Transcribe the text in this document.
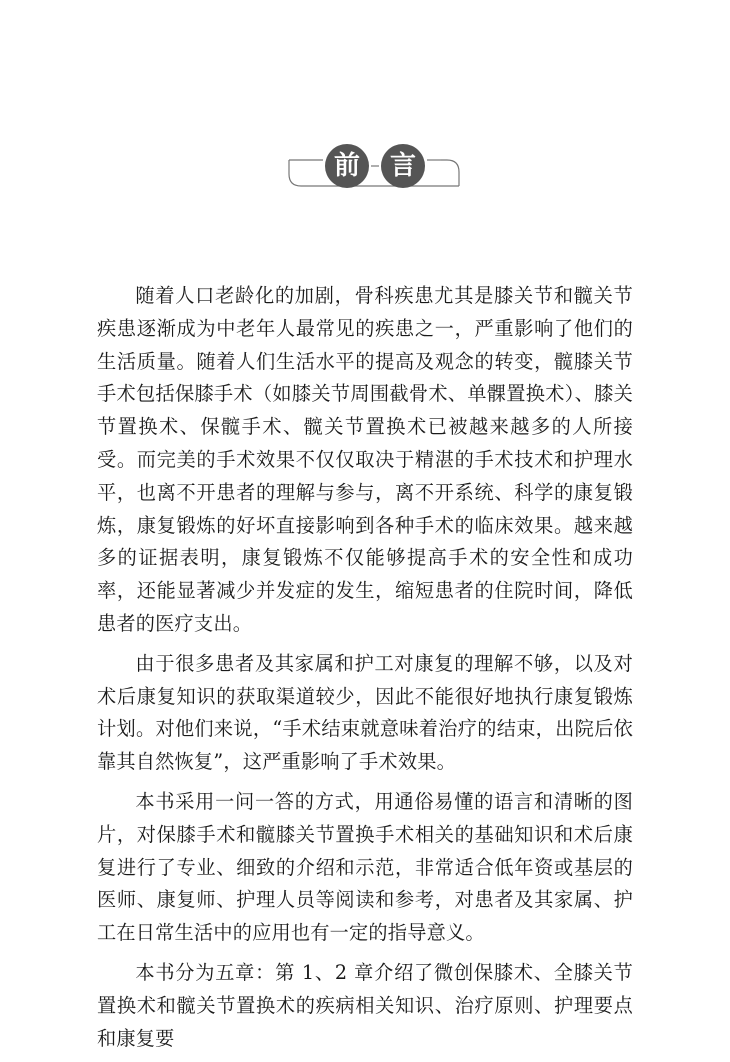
前	言

随着人口老龄化的加剧，骨科疾患尤其是膝关节和髋关节疾患逐渐成为中老年人最常见的疾患之一，严重影响了他们的生活质量。随着人们生活水平的提高及观念的转变，髋膝关节手术包括保膝手术（如膝关节周围截骨术、单髁置换术）、膝关节置换术、保髋手术、髋关节置换术已被越来越多的人所接受。而完美的手术效果不仅仅取决于精湛的手术技术和护理水平，也离不开患者的理解与参与，离不开系统、科学的康复锻炼，康复锻炼的好坏直接影响到各种手术的临床效果。越来越多的证据表明，康复锻炼不仅能够提高手术的安全性和成功率，还能显著减少并发症的发生，缩短患者的住院时间，降低患者的医疗支出。

由于很多患者及其家属和护工对康复的理解不够，以及对术后康复知识的获取渠道较少，因此不能很好地执行康复锻炼计划。对他们来说，“手术结束就意味着治疗的结束，出院后依靠其自然恢复”，这严重影响了手术效果。

本书采用一问一答的方式，用通俗易懂的语言和清晰的图片，对保膝手术和髋膝关节置换手术相关的基础知识和术后康复进行了专业、细致的介绍和示范，非常适合低年资或基层的医师、康复师、护理人员等阅读和参考，对患者及其家属、护工在日常生活中的应用也有一定的指导意义。

本书分为五章：第 1、2 章介绍了微创保膝术、全膝关节置换术和髋关节置换术的疾病相关知识、治疗原则、护理要点和康复要
